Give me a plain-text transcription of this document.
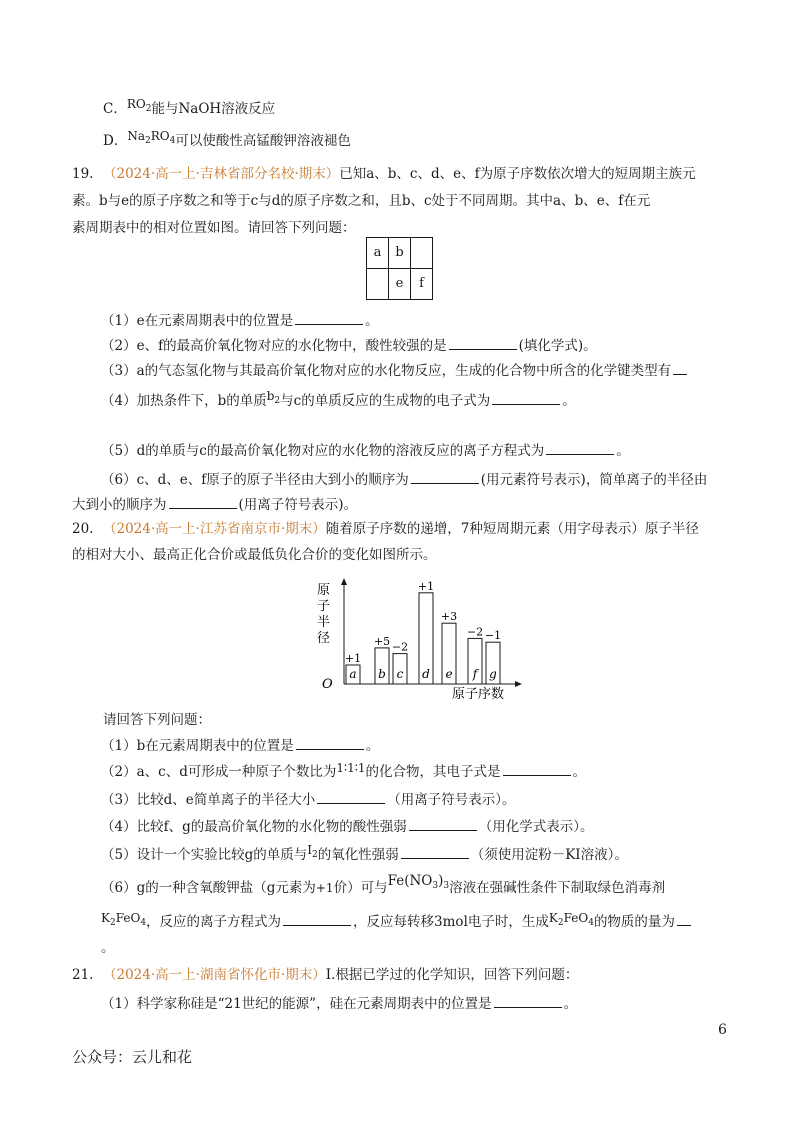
C．$RO_2$能与NaOH溶液反应
D．$Na_2RO_4$可以使酸性高锰酸钾溶液褪色
19. （2024·高一上·吉林省部分名校·期末）已知a、b、c、d、e、f为原子序数依次增大的短周期主族元
素。b与e的原子序数之和等于c与d的原子序数之和，且b、c处于不同周期。其中a、b、e、f在元
素周期表中的相对位置如图。请回答下列问题：
a	b	
	e	f
（1）e在元素周期表中的位置是	。
（2）e、f的最高价氧化物对应的水化物中，酸性较强的是	(填化学式)。
（3）a的气态氢化物与其最高价氧化物对应的水化物反应，生成的化合物中所含的化学键类型有
（4）加热条件下，b的单质$b_2$与c的单质反应的生成物的电子式为	。
（5）d的单质与c的最高价氧化物对应的水化物的溶液反应的离子方程式为	。
（6）c、d、e、f原子的原子半径由大到小的顺序为	(用元素符号表示)，简单离子的半径由
大到小的顺序为	(用离子符号表示)。
20. （2024·高一上·江苏省南京市·期末）随着原子序数的递增，7种短周期元素（用字母表示）原子半径
的相对大小、最高正化合价或最低负化合价的变化如图所示。
O
原
子
半
径
原子序数
a
+1
b
+5
c
−2
d
+1
e
+3
f
−2
g
−1
请回答下列问题：
（1）b在元素周期表中的位置是	。
（2）a、c、d可形成一种原子个数比为1∶1∶1的化合物，其电子式是	。
（3）比较d、e简单离子的半径大小	（用离子符号表示）。
（4）比较f、g的最高价氧化物的水化物的酸性强弱	（用化学式表示）。
（5）设计一个实验比较g的单质与$I_2$的氧化性强弱	（须使用淀粉－KI溶液）。
（6）g的一种含氧酸钾盐（g元素为+1价）可与$Fe(NO_3)_3$溶液在强碱性条件下制取绿色消毒剂
$K_2FeO_4$，反应的离子方程式为	，反应每转移3mol电子时，生成$K_2FeO_4$的物质的量为
。
21. （2024·高一上·湖南省怀化市·期末）Ⅰ.根据已学过的化学知识，回答下列问题：
（1）科学家称硅是“21世纪的能源”，硅在元素周期表中的位置是	。
6
公众号：云儿和花
